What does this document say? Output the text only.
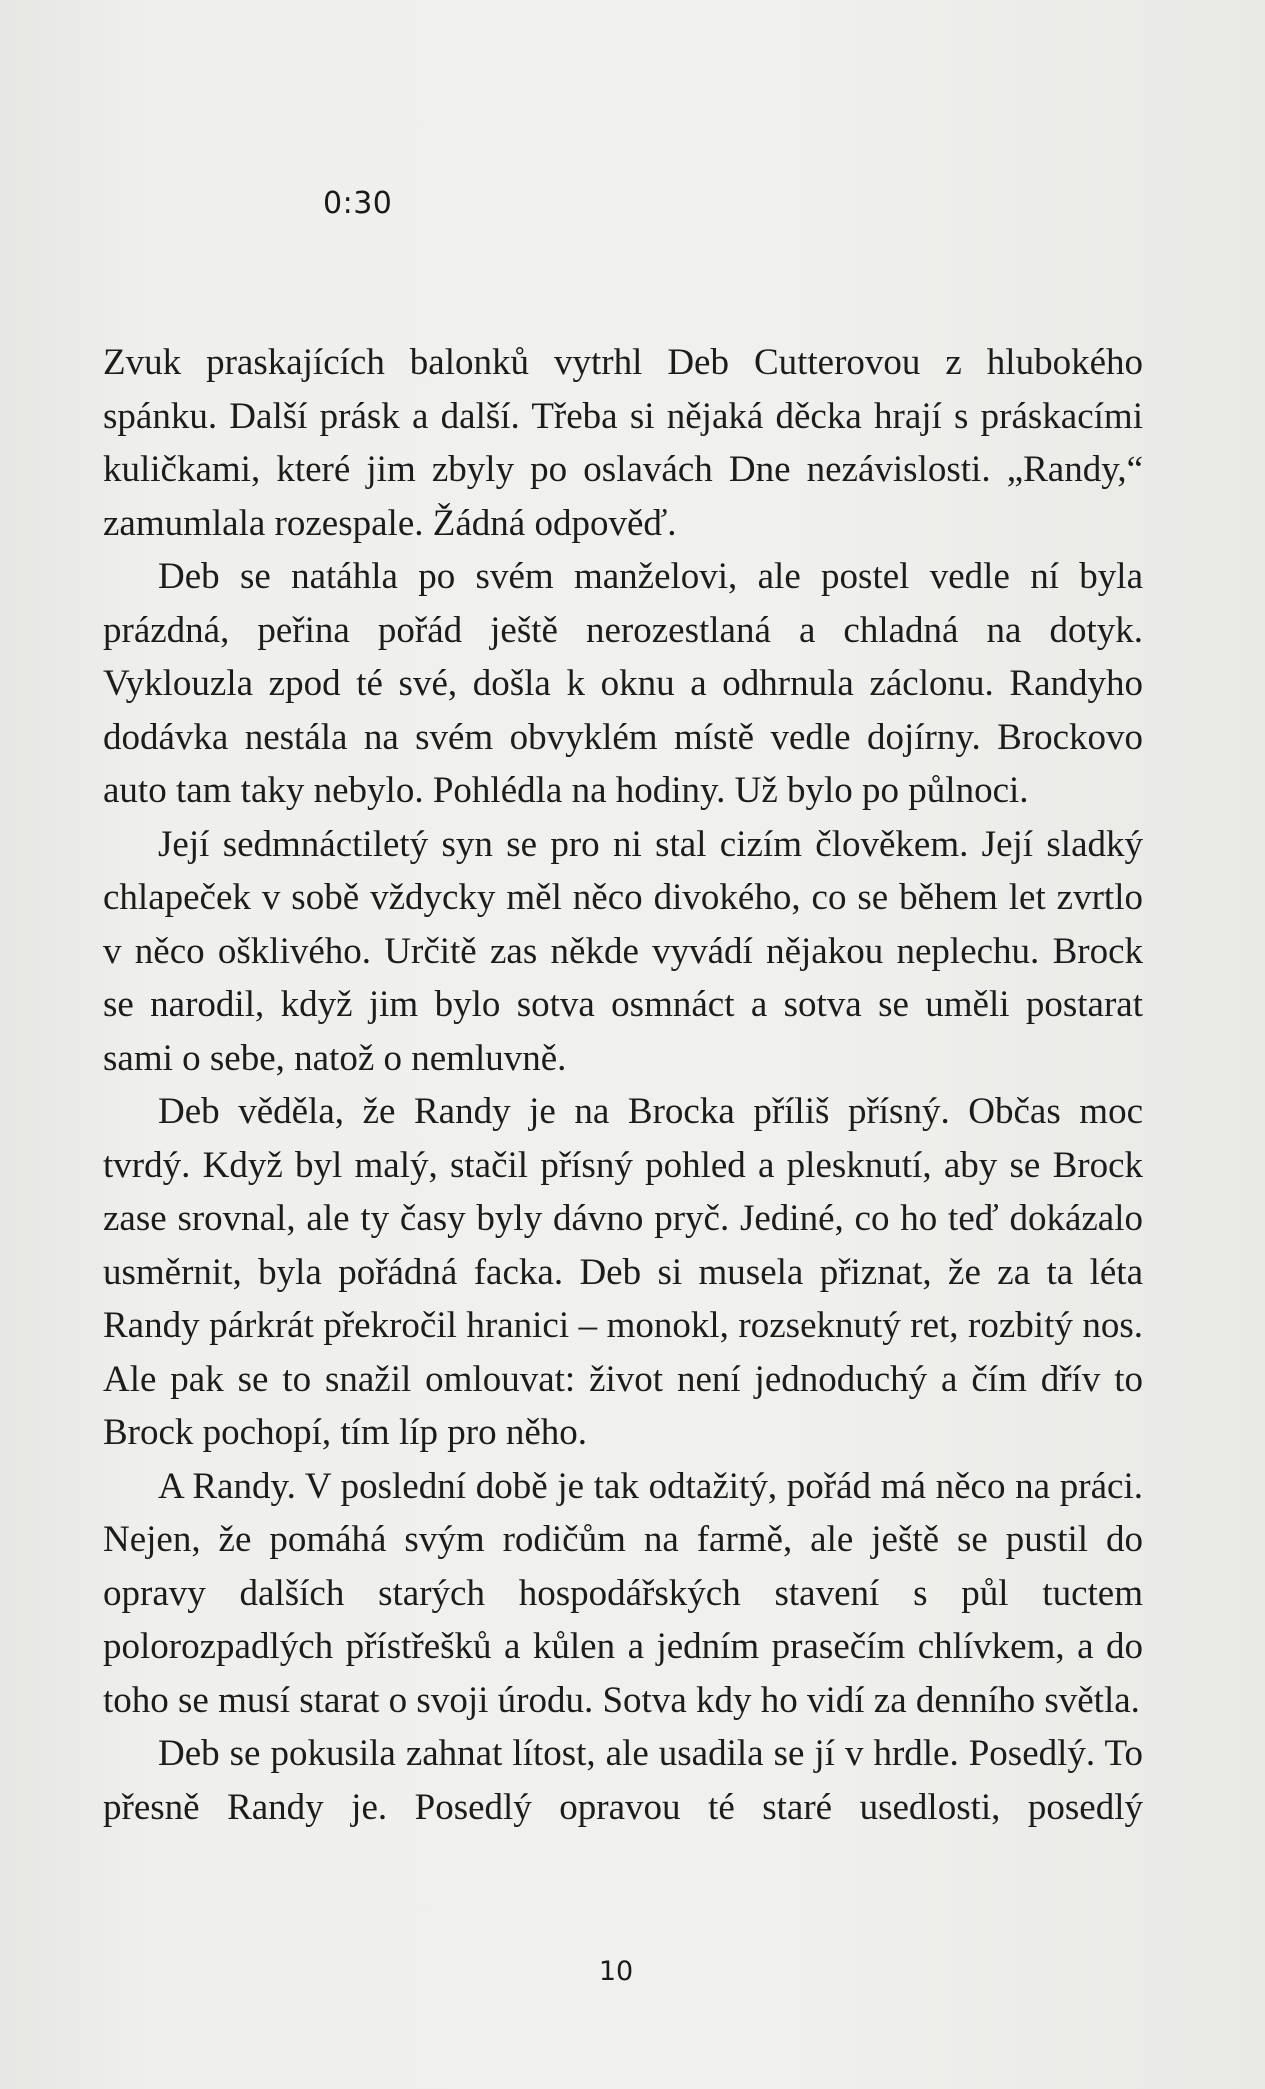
0:30

Zvuk praskajících balonků vytrhl Deb Cutterovou z hlubokého spánku. Další prásk a další. Třeba si nějaká děcka hrají s práskacími kuličkami, které jim zbyly po oslavách Dne nezávislosti. „Randy,“ zamumlala rozespale. Žádná odpověď.

Deb se natáhla po svém manželovi, ale postel vedle ní byla prázdná, peřina pořád ještě nerozestlaná a chladná na dotyk. Vyklouzla zpod té své, došla k oknu a odhrnula záclonu. Randyho dodávka nestála na svém obvyklém místě vedle dojírny. Brockovo auto tam taky nebylo. Pohlédla na hodiny. Už bylo po půlnoci.

Její sedmnáctiletý syn se pro ni stal cizím člověkem. Její sladký chlapeček v sobě vždycky měl něco divokého, co se během let zvrtlo v něco ošklivého. Určitě zas někde vyvádí nějakou neplechu. Brock se narodil, když jim bylo sotva osmnáct a sotva se uměli postarat sami o sebe, natož o nemluvně.

Deb věděla, že Randy je na Brocka příliš přísný. Občas moc tvrdý. Když byl malý, stačil přísný pohled a plesknutí, aby se Brock zase srovnal, ale ty časy byly dávno pryč. Jediné, co ho teď dokázalo usměrnit, byla pořádná facka. Deb si musela přiznat, že za ta léta Randy párkrát překročil hranici – monokl, rozseknutý ret, rozbitý nos. Ale pak se to snažil omlouvat: život není jednoduchý a čím dřív to Brock pochopí, tím líp pro něho.

A Randy. V poslední době je tak odtažitý, pořád má něco na práci. Nejen, že pomáhá svým rodičům na farmě, ale ještě se pustil do opravy dalších starých hospodářských stavení s půl tuctem polorozpadlých přístřešků a kůlen a jedním prasečím chlívkem, a do toho se musí starat o svoji úrodu. Sotva kdy ho vidí za denního světla.

Deb se pokusila zahnat lítost, ale usadila se jí v hrdle. Posedlý. To přesně Randy je. Posedlý opravou té staré usedlosti, posedlý

10
